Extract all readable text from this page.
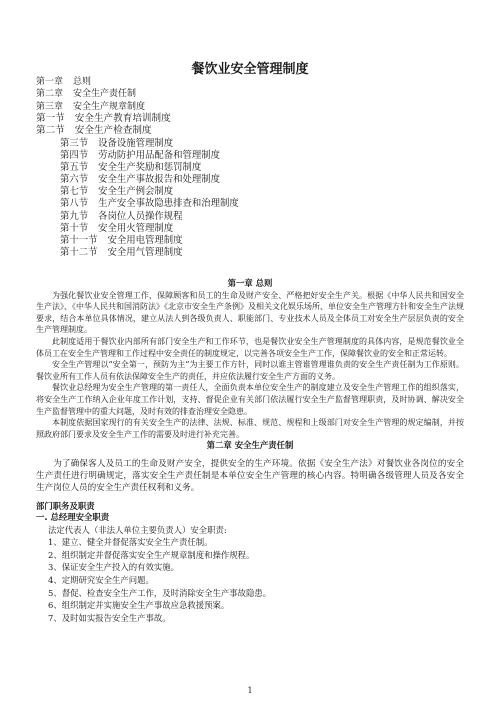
餐饮业安全管理制度
第一章 总则
第二章 安全生产责任制
第三章 安全生产规章制度
第一节 安全生产教育培训制度
第二节 安全生产检查制度
第三节 设备设施管理制度
第四节 劳动防护用品配备和管理制度
第五节 安全生产奖励和惩罚制度
第六节 安全生产事故报告和处理制度
第七节 安全生产例会制度
第八节 生产安全事故隐患排查和治理制度
第九节 各岗位人员操作规程
第十节 安全用火管理制度
第十一节 安全用电管理制度
第十二节 安全用气管理制度
第一章 总则

为强化餐饮业安全管理工作，保障顾客和员工的生命及财产安全、严格把好安全生产关。根据《中华人民共和国安全生产法》、《中华人民共和国消防法》《北京市安全生产条例》及相关文化娱乐场所、单位安全生产管理方针和安全生产法规要求，结合本单位具体情况，建立从法人到各级负责人、职能部门、专业技术人员及全体员工对安全生产层层负责的安全生产管理制度。

此制度适用于餐饮业内部所有部门安全生产和工作环节，也是餐饮业安全生产管理制度的具体内容，是规范餐饮业全体员工在安全生产管理和工作过程中安全责任的制度规定，以完善各项安全生产工作，保障餐饮业的安全和正常运转。

安全生产管理以“安全第一，预防为主”为主要工作方针，同时以谁主管谁管理谁负责的安全生产责任制为工作原则。餐饮业所有工作人员有依法保障安全生产的责任，并应依法履行安全生产方面的义务。

餐饮业总经理为安全生产管理的第一责任人，全面负责本单位安全生产的制度建立及安全生产管理工作的组织落实，将安全生产工作纳入企业年度工作计划，支持、督促企业有关部门依法履行安全生产监督管理职责，及时协调、解决安全生产监督管理中的重大问题，及时有效的排查治理安全隐患。

本制度依据国家现行的有关安全生产的法律、法规、标准、规范、规程和上级部门对安全生产管理的规定编制，并按照政府部门要求及安全生产工作的需要及时进行补充完善。

第二章 安全生产责任制

为了确保客人及员工的生命及财产安全，提供安全的生产环境。依据《安全生产法》对餐饮业各岗位的安全生产责任进行明确规定，落实安全生产责任制是本单位安全生产管理的核心内容。特明确各级管理人员及各安全生产岗位人员的安全生产责任权利和义务。

部门职务及职责
一. 总经理安全职责
法定代表人（非法人单位主要负责人）安全职责:
1、建立、健全并督促落实安全生产责任制。
2、组织制定并督促落实安全生产规章制度和操作规程。
3、保证安全生产投入的有效实施。
4、定期研究安全生产问题。
5、督促、检查安全生产工作，及时消除安全生产事故隐患。
6、组织制定并实施安全生产事故应急救援预案。
7、及时如实报告安全生产事故。
1
